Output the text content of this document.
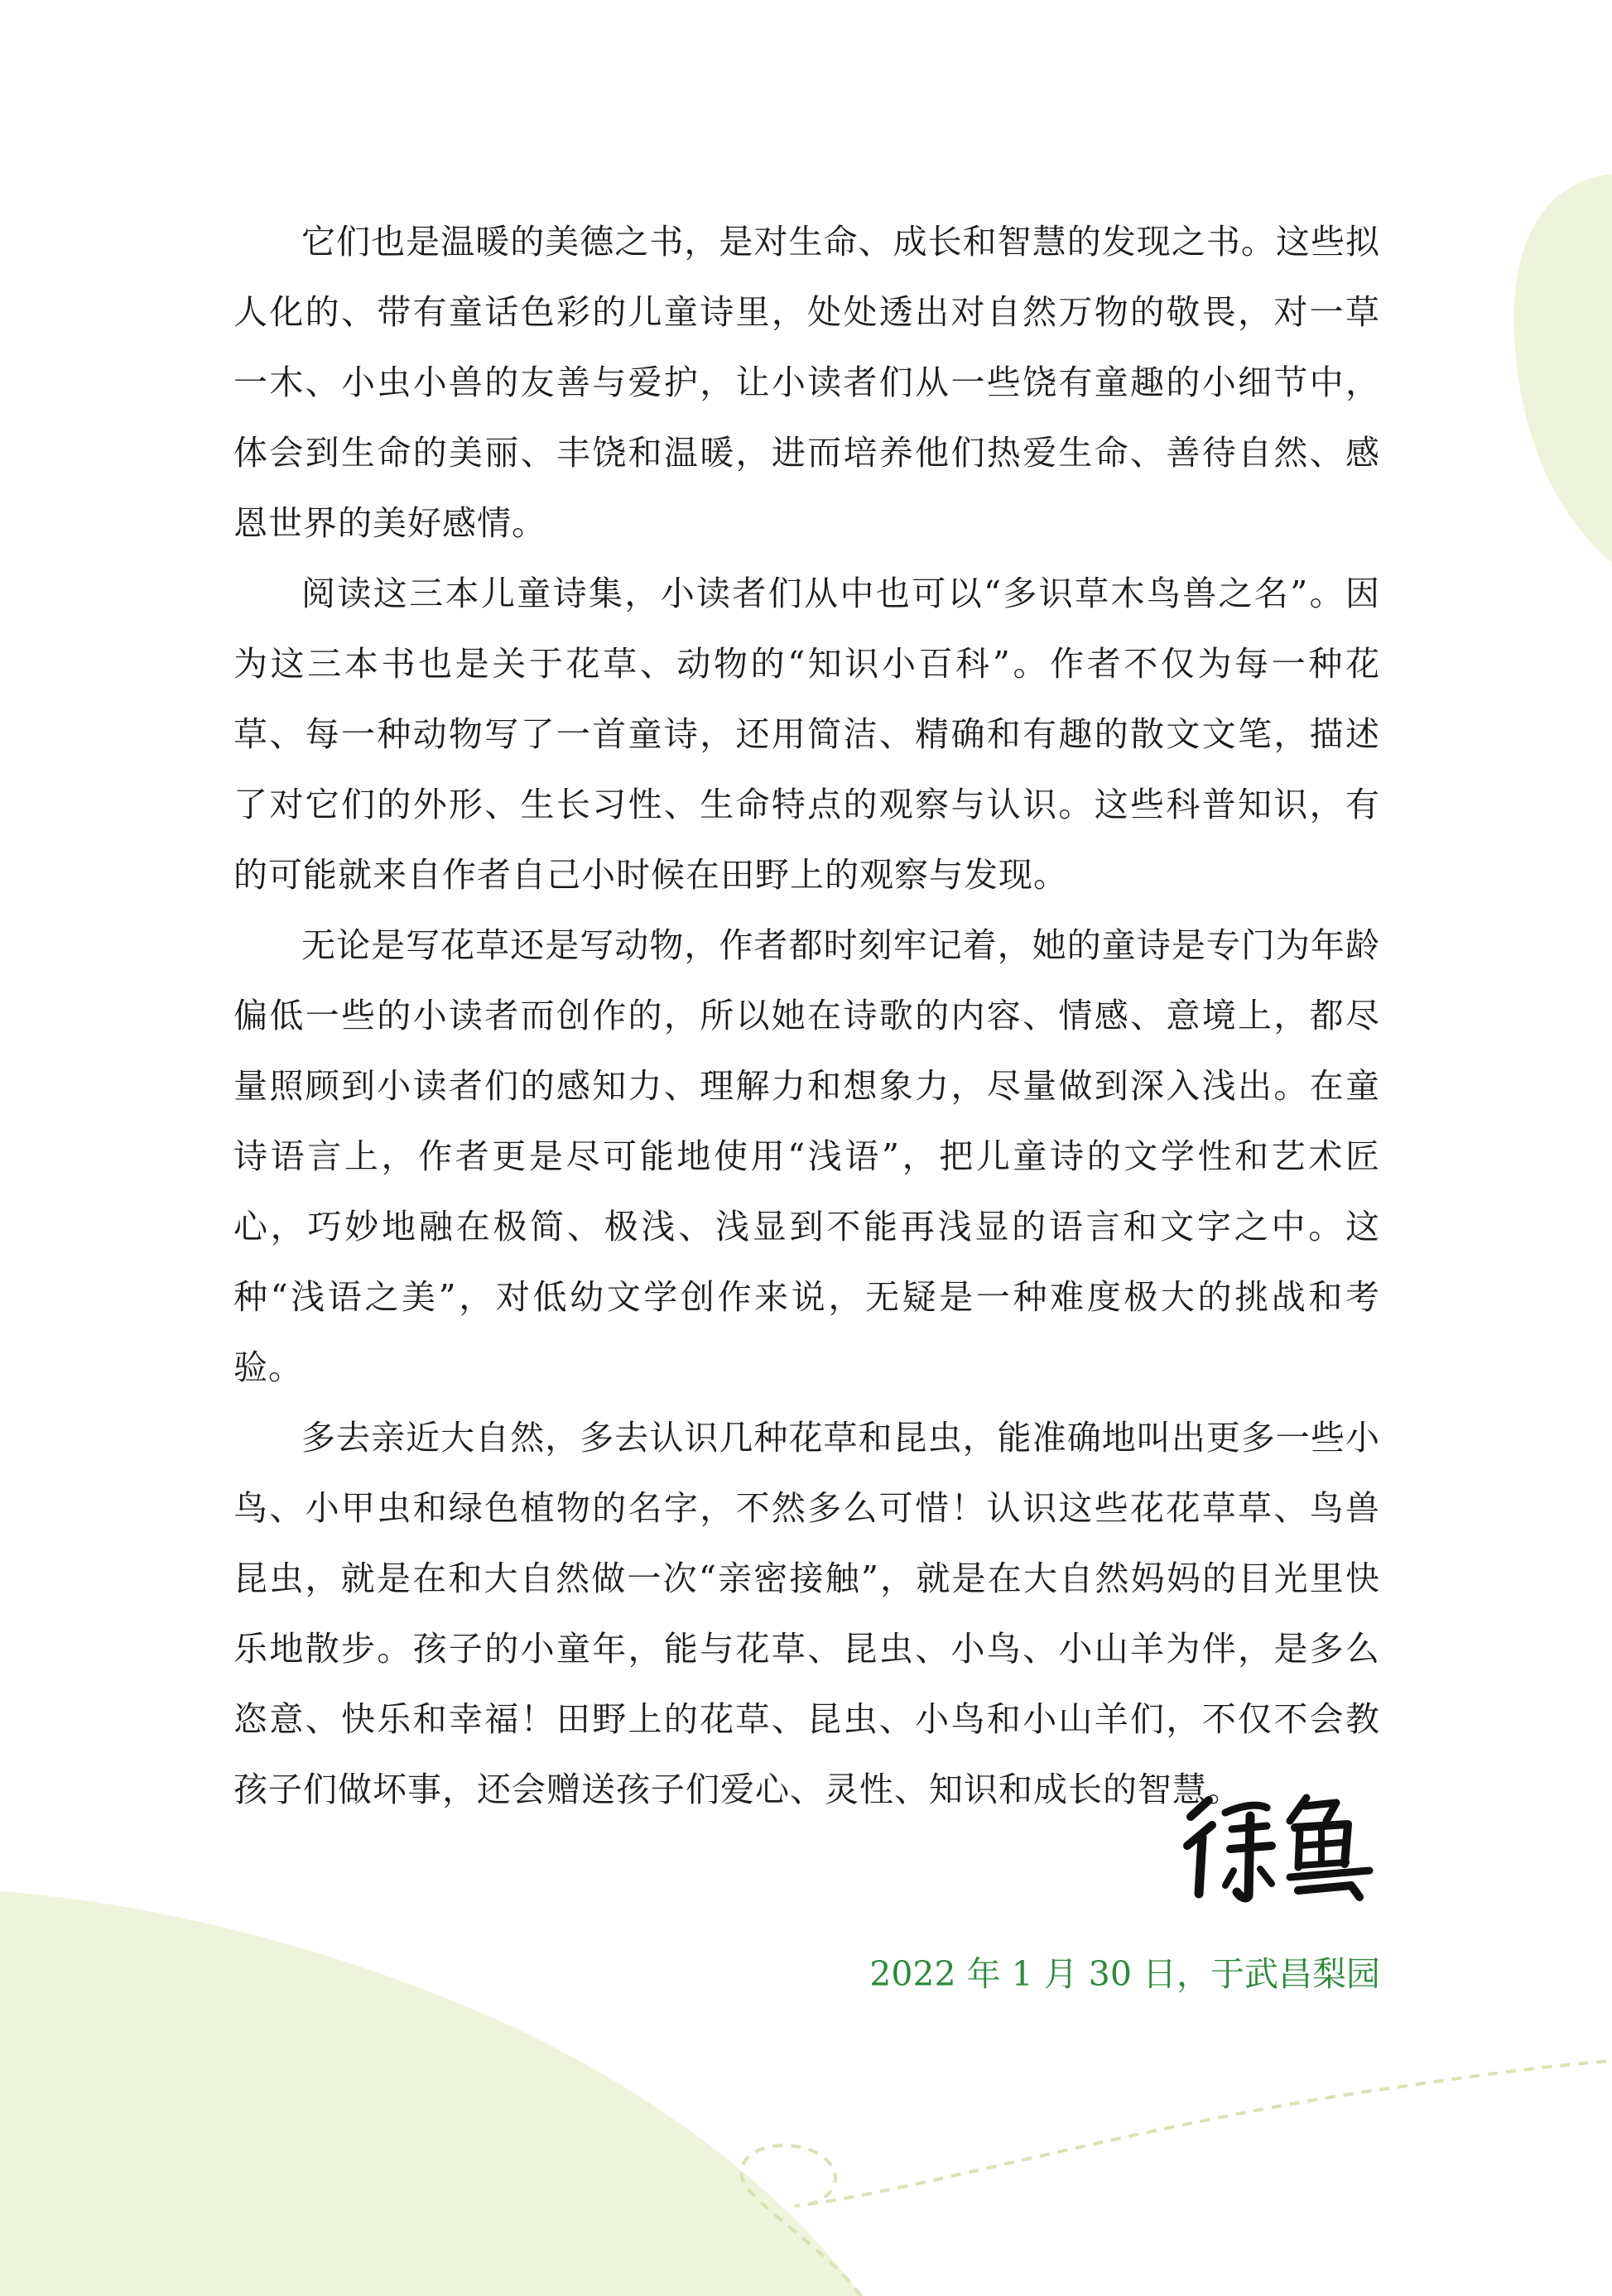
它们也是温暖的美德之书，是对生命、成长和智慧的发现之书。这些拟人化的、带有童话色彩的儿童诗里，处处透出对自然万物的敬畏，对一草一木、小虫小兽的友善与爱护，让小读者们从一些饶有童趣的小细节中，体会到生命的美丽、丰饶和温暖，进而培养他们热爱生命、善待自然、感恩世界的美好感情。

阅读这三本儿童诗集，小读者们从中也可以“多识草木鸟兽之名”。因为这三本书也是关于花草、动物的“知识小百科”。作者不仅为每一种花草、每一种动物写了一首童诗，还用简洁、精确和有趣的散文文笔，描述了对它们的外形、生长习性、生命特点的观察与认识。这些科普知识，有的可能就来自作者自己小时候在田野上的观察与发现。

无论是写花草还是写动物，作者都时刻牢记着，她的童诗是专门为年龄偏低一些的小读者而创作的，所以她在诗歌的内容、情感、意境上，都尽量照顾到小读者们的感知力、理解力和想象力，尽量做到深入浅出。在童诗语言上，作者更是尽可能地使用“浅语”，把儿童诗的文学性和艺术匠心，巧妙地融在极简、极浅、浅显到不能再浅显的语言和文字之中。这种“浅语之美”，对低幼文学创作来说，无疑是一种难度极大的挑战和考验。

多去亲近大自然，多去认识几种花草和昆虫，能准确地叫出更多一些小鸟、小甲虫和绿色植物的名字，不然多么可惜！认识这些花花草草、鸟兽昆虫，就是在和大自然做一次“亲密接触”，就是在大自然妈妈的目光里快乐地散步。孩子的小童年，能与花草、昆虫、小鸟、小山羊为伴，是多么恣意、快乐和幸福！田野上的花草、昆虫、小鸟和小山羊们，不仅不会教孩子们做坏事，还会赠送孩子们爱心、灵性、知识和成长的智慧。

2022 年 1 月 30 日，于武昌梨园
